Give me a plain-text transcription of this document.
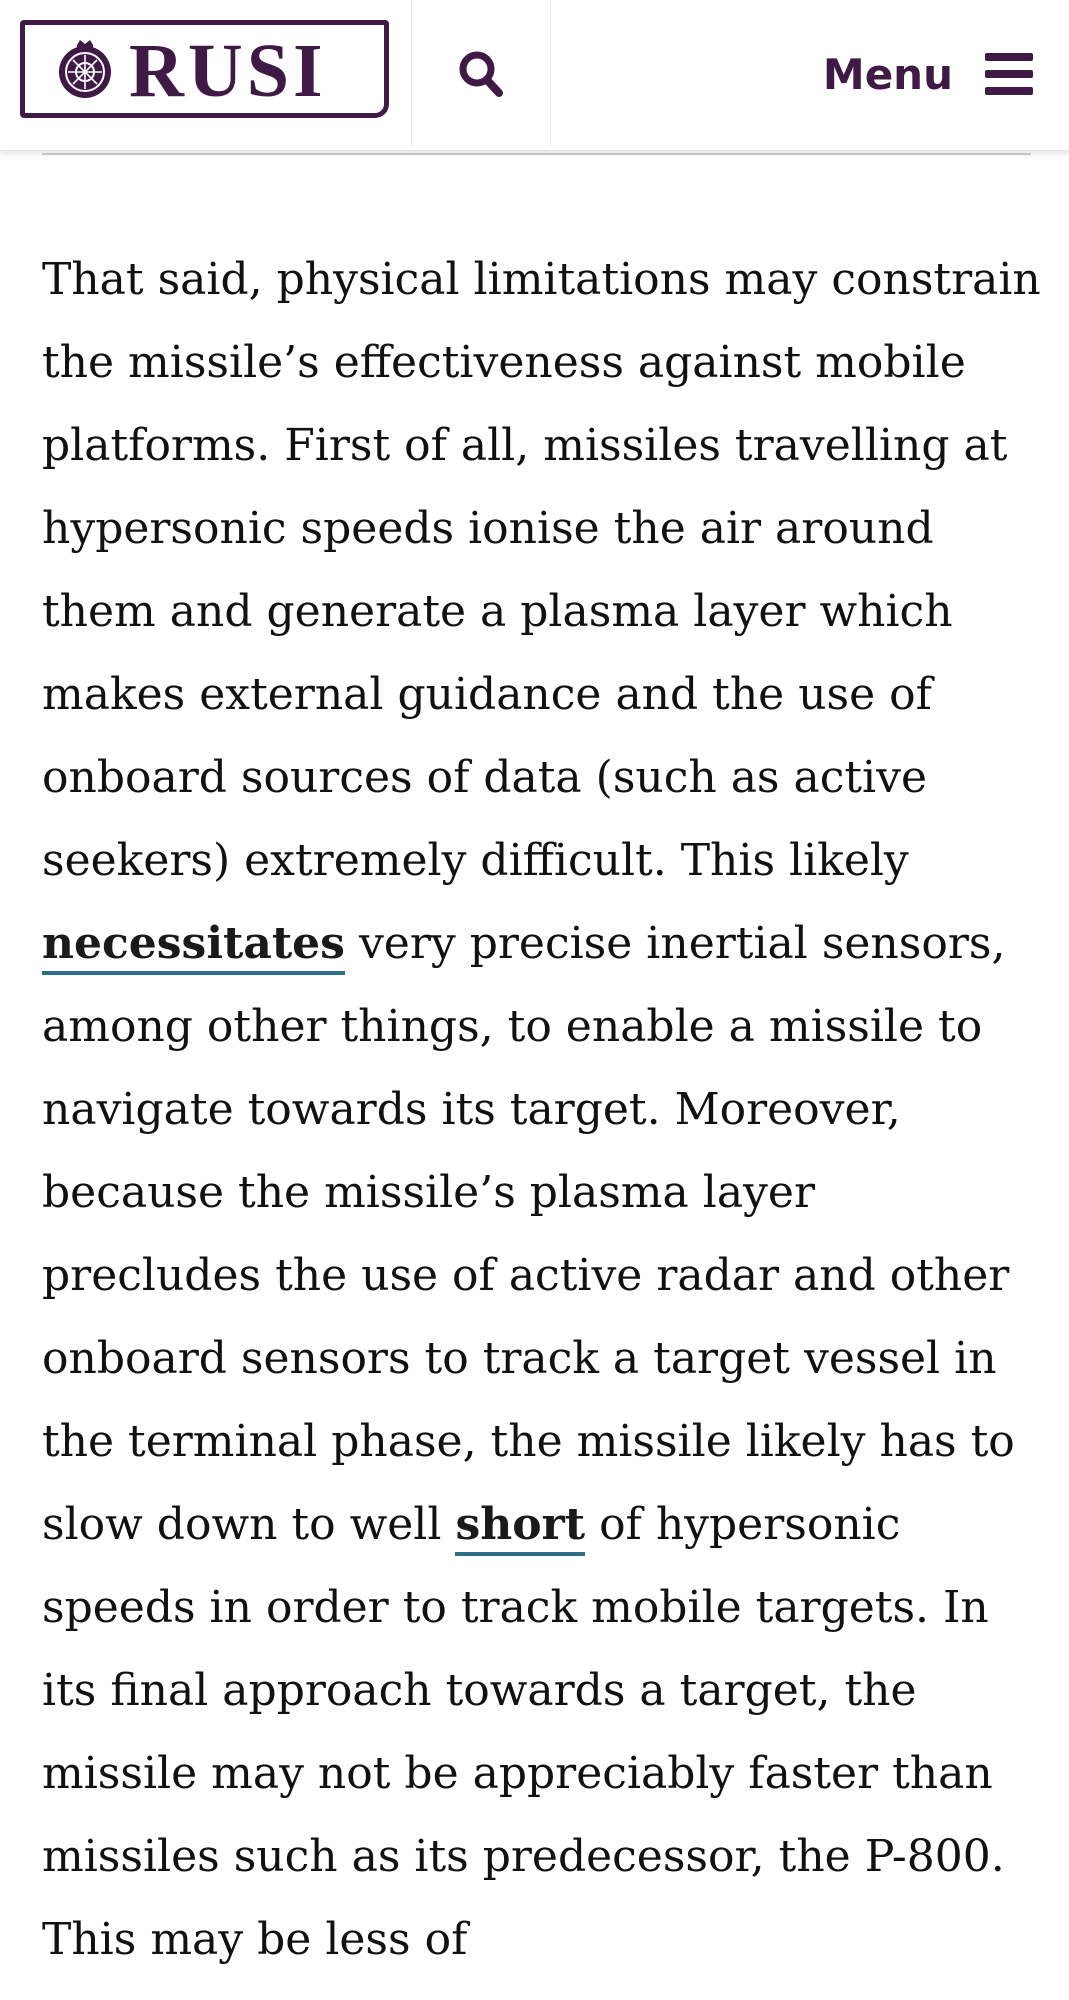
RUSI	Menu

That said, physical limitations may constrain the missile’s effectiveness against mobile platforms. First of all, missiles travelling at hypersonic speeds ionise the air around them and generate a plasma layer which makes external guidance and the use of onboard sources of data (such as active seekers) extremely difficult. This likely necessitates very precise inertial sensors, among other things, to enable a missile to navigate towards its target. Moreover, because the missile’s plasma layer precludes the use of active radar and other onboard sensors to track a target vessel in the terminal phase, the missile likely has to slow down to well short of hypersonic speeds in order to track mobile targets. In its final approach towards a target, the missile may not be appreciably faster than missiles such as its predecessor, the P-800. This may be less of
